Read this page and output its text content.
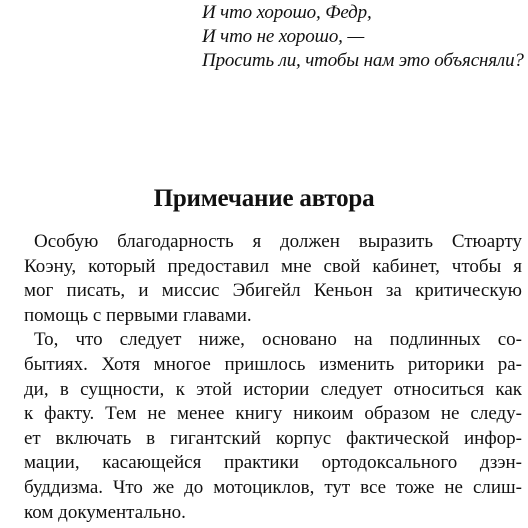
И что хорошо, Федр,
И что не хорошо, —
Просить ли, чтобы нам это объясняли?
Примечание автора
Особую благодарность я должен выразить Стюарту
Коэну, который предоставил мне свой кабинет, чтобы я
мог писать, и миссис Эбигейл Кеньон за критическую
помощь с первыми главами.
То, что следует ниже, основано на подлинных со-
бытиях. Хотя многое пришлось изменить риторики ра-
ди, в сущности, к этой истории следует относиться как
к факту. Тем не менее книгу никоим образом не следу-
ет включать в гигантский корпус фактической инфор-
мации, касающейся практики ортодоксального дзэн-
буддизма. Что же до мотоциклов, тут все тоже не слиш-
ком документально.
